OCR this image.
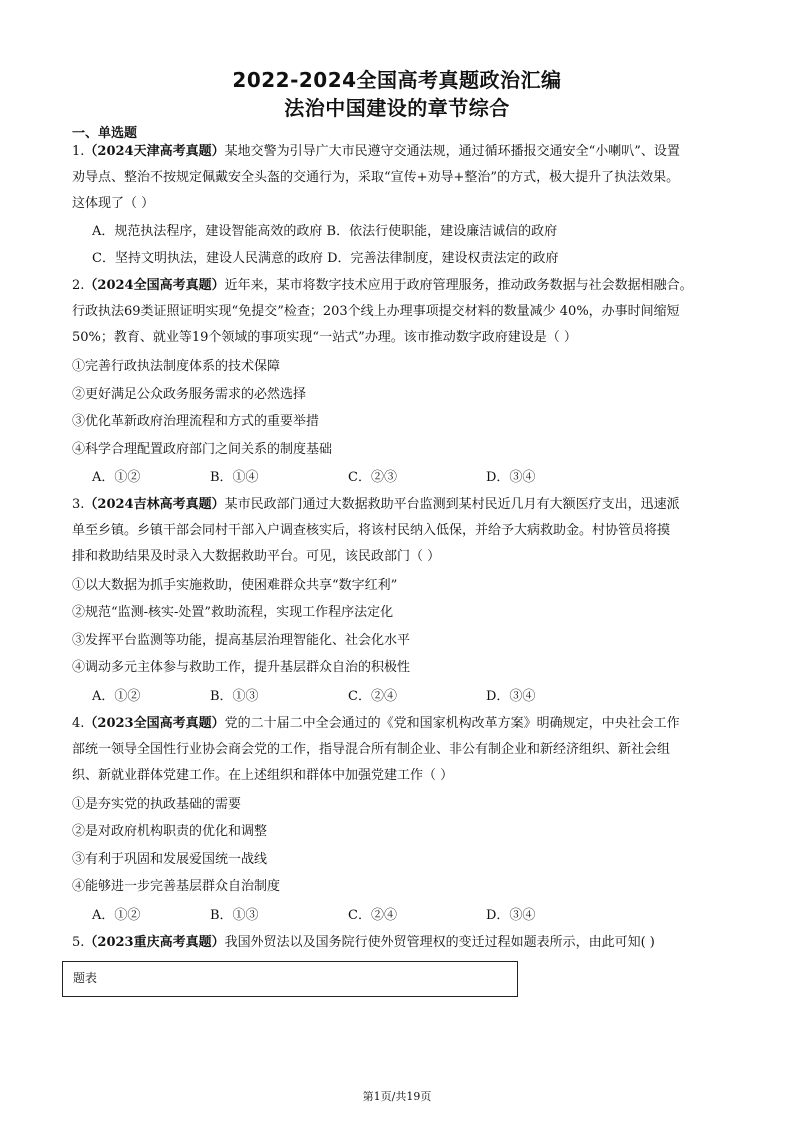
2022-2024全国高考真题政治汇编
法治中国建设的章节综合
一、单选题
1.（2024天津高考真题）某地交警为引导广大市民遵守交通法规，通过循环播报交通安全“小喇叭”、设置
劝导点、整治不按规定佩戴安全头盔的交通行为，采取“宣传+劝导+整治”的方式，极大提升了执法效果。
这体现了（ ）
A．规范执法程序，建设智能高效的政府 B．依法行使职能，建设廉洁诚信的政府
C．坚持文明执法，建设人民满意的政府 D．完善法律制度，建设权责法定的政府
2.（2024全国高考真题）近年来，某市将数字技术应用于政府管理服务，推动政务数据与社会数据相融合。
行政执法69类证照证明实现“免提交”检查；203个线上办理事项提交材料的数量减少 40%，办事时间缩短
50%；教育、就业等19个领域的事项实现“一站式”办理。该市推动数字政府建设是（ ）
①完善行政执法制度体系的技术保障
②更好满足公众政务服务需求的必然选择
③优化革新政府治理流程和方式的重要举措
④科学合理配置政府部门之间关系的制度基础
A．①②	B．①④	C．②③	D．③④
3.（2024吉林高考真题）某市民政部门通过大数据救助平台监测到某村民近几月有大额医疗支出，迅速派
单至乡镇。乡镇干部会同村干部入户调查核实后，将该村民纳入低保，并给予大病救助金。村协管员将摸
排和救助结果及时录入大数据救助平台。可见，该民政部门（ ）
①以大数据为抓手实施救助，使困难群众共享“数字红利”
②规范“监测-核实-处置”救助流程，实现工作程序法定化
③发挥平台监测等功能，提高基层治理智能化、社会化水平
④调动多元主体参与救助工作，提升基层群众自治的积极性
A．①②	B．①③	C．②④	D．③④
4.（2023全国高考真题）党的二十届二中全会通过的《党和国家机构改革方案》明确规定，中央社会工作
部统一领导全国性行业协会商会党的工作，指导混合所有制企业、非公有制企业和新经济组织、新社会组
织、新就业群体党建工作。在上述组织和群体中加强党建工作（ ）
①是夯实党的执政基础的需要
②是对政府机构职责的优化和调整
③有利于巩固和发展爱国统一战线
④能够进一步完善基层群众自治制度
A．①②	B．①③	C．②④	D．③④
5.（2023重庆高考真题）我国外贸法以及国务院行使外贸管理权的变迁过程如题表所示，由此可知( )
题表
第1页/共19页
